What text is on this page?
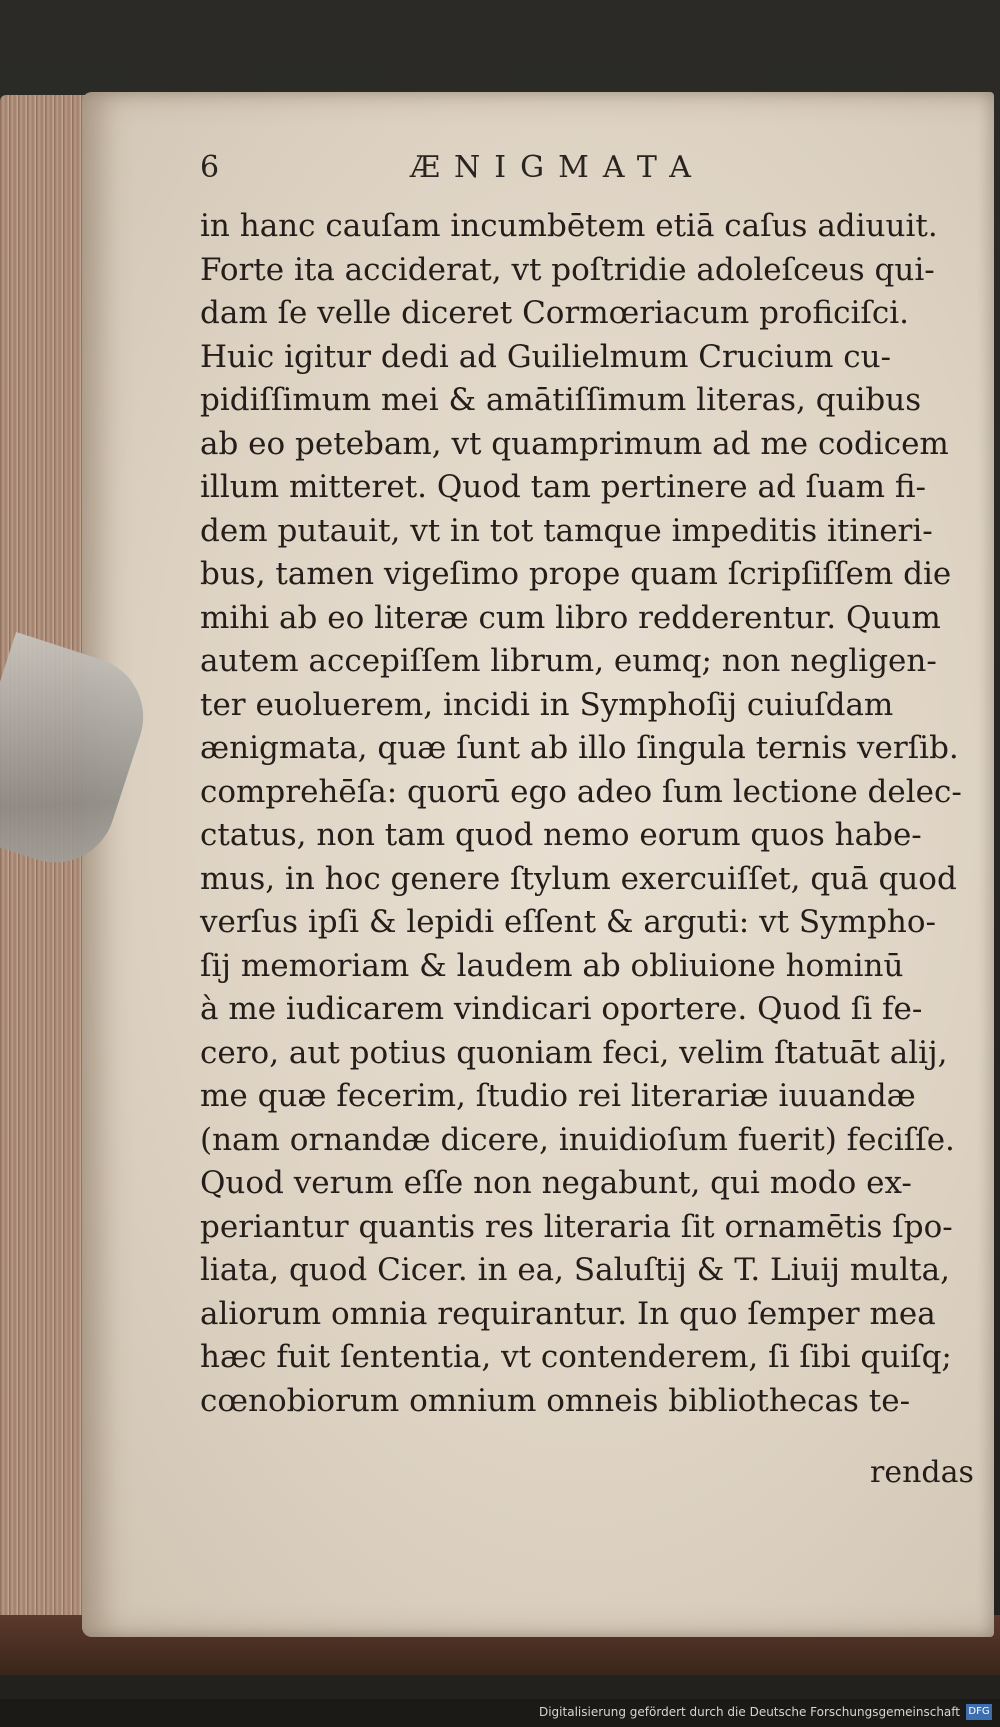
6	ÆNIGMATA
in hanc cauſam incumbētem etiā caſus adiuuit.
Forte ita acciderat, vt poſtridie adoleſceus qui-
dam ſe velle diceret Cormœriacum proficiſci.
Huic igitur dedi ad Guilielmum Crucium cu-
pidiſſimum mei & amātiſſimum literas, quibus
ab eo petebam, vt quamprimum ad me codicem
illum mitteret. Quod tam pertinere ad ſuam fi-
dem putauit, vt in tot tamque impeditis itineri-
bus, tamen vigeſimo prope quam ſcripſiſſem die
mihi ab eo literæ cum libro redderentur. Quum
autem accepiſſem librum, eumq; non negligen-
ter euoluerem, incidi in Symphoſij cuiuſdam
ænigmata, quæ ſunt ab illo ſingula ternis verſib.
comprehēſa: quorū ego adeo ſum lectione delec-
ctatus, non tam quod nemo eorum quos habe-
mus, in hoc genere ſtylum exercuiſſet, quā quod
verſus ipſi & lepidi eſſent & arguti: vt Sympho-
ſij memoriam & laudem ab obliuione hominū
à me iudicarem vindicari oportere. Quod ſi fe-
cero, aut potius quoniam feci, velim ſtatuāt alij,
me quæ fecerim, ſtudio rei literariæ iuuandæ
(nam ornandæ dicere, inuidioſum fuerit) feciſſe.
Quod verum eſſe non negabunt, qui modo ex-
periantur quantis res literaria ſit ornamētis ſpo-
liata, quod Cicer. in ea, Saluſtij & T. Liuij multa,
aliorum omnia requirantur. In quo ſemper mea
hæc fuit ſententia, vt contenderem, ſi ſibi quiſq;
cœnobiorum omnium omneis bibliothecas te-
rendas
Digitalisierung gefördert durch die Deutsche Forschungsgemeinschaft DFG
